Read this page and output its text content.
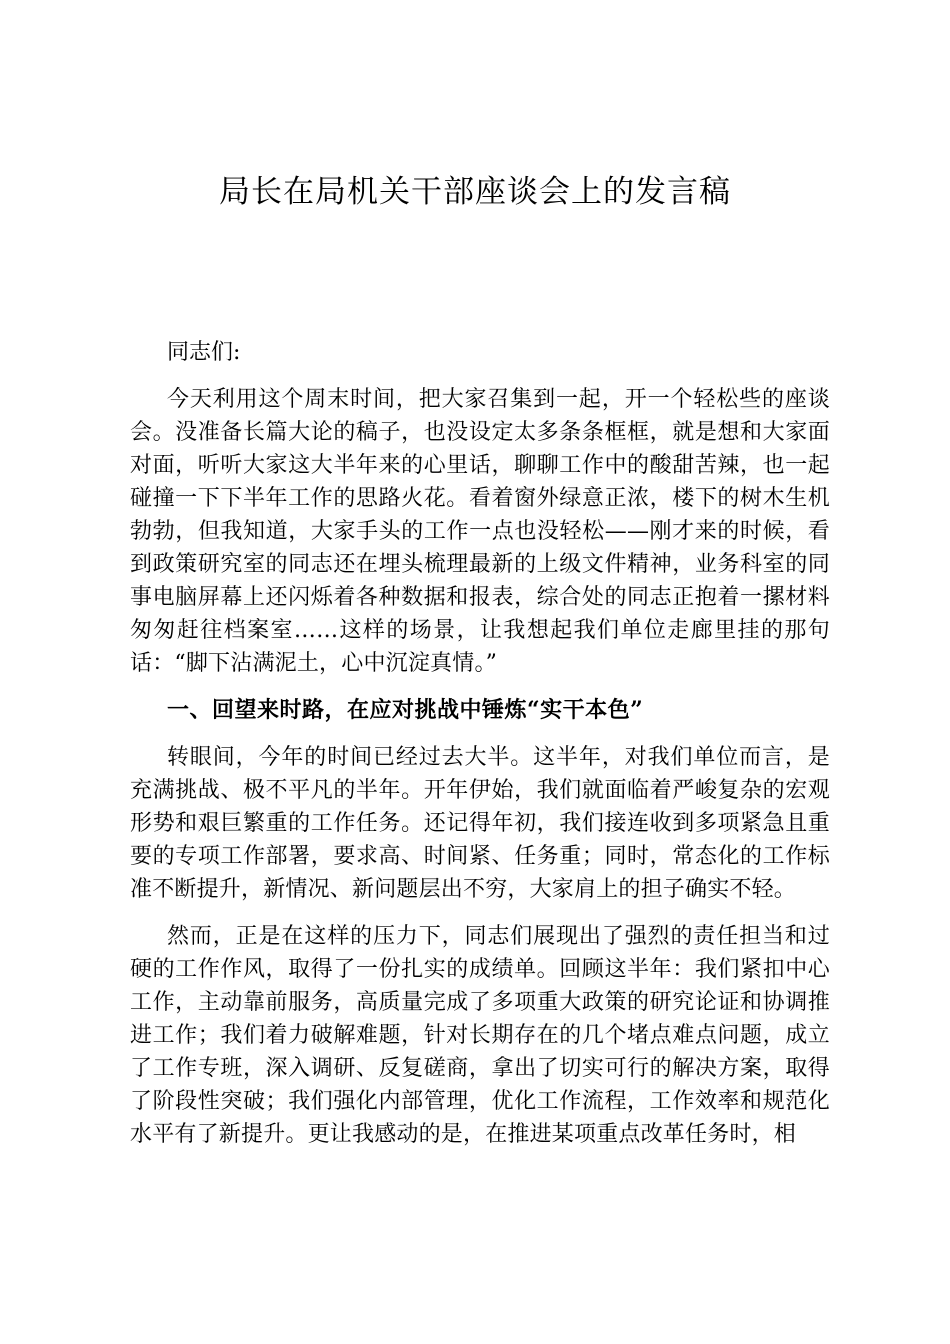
局长在局机关干部座谈会上的发言稿

同志们:

今天利用这个周末时间，把大家召集到一起，开一个轻松些的座谈会。没准备长篇大论的稿子，也没设定太多条条框框，就是想和大家面对面，听听大家这大半年来的心里话，聊聊工作中的酸甜苦辣，也一起碰撞一下下半年工作的思路火花。看着窗外绿意正浓，楼下的树木生机勃勃，但我知道，大家手头的工作一点也没轻松——刚才来的时候，看到政策研究室的同志还在埋头梳理最新的上级文件精神，业务科室的同事电脑屏幕上还闪烁着各种数据和报表，综合处的同志正抱着一摞材料匆匆赶往档案室……这样的场景，让我想起我们单位走廊里挂的那句话：“脚下沾满泥土，心中沉淀真情。”

一、回望来时路，在应对挑战中锤炼“实干本色”

转眼间，今年的时间已经过去大半。这半年，对我们单位而言，是充满挑战、极不平凡的半年。开年伊始，我们就面临着严峻复杂的宏观形势和艰巨繁重的工作任务。还记得年初，我们接连收到多项紧急且重要的专项工作部署，要求高、时间紧、任务重；同时，常态化的工作标准不断提升，新情况、新问题层出不穷，大家肩上的担子确实不轻。

然而，正是在这样的压力下，同志们展现出了强烈的责任担当和过硬的工作作风，取得了一份扎实的成绩单。回顾这半年：我们紧扣中心工作，主动靠前服务，高质量完成了多项重大政策的研究论证和协调推进工作；我们着力破解难题，针对长期存在的几个堵点难点问题，成立了工作专班，深入调研、反复磋商，拿出了切实可行的解决方案，取得了阶段性突破；我们强化内部管理，优化工作流程，工作效率和规范化水平有了新提升。更让我感动的是，在推进某项重点改革任务时，相
